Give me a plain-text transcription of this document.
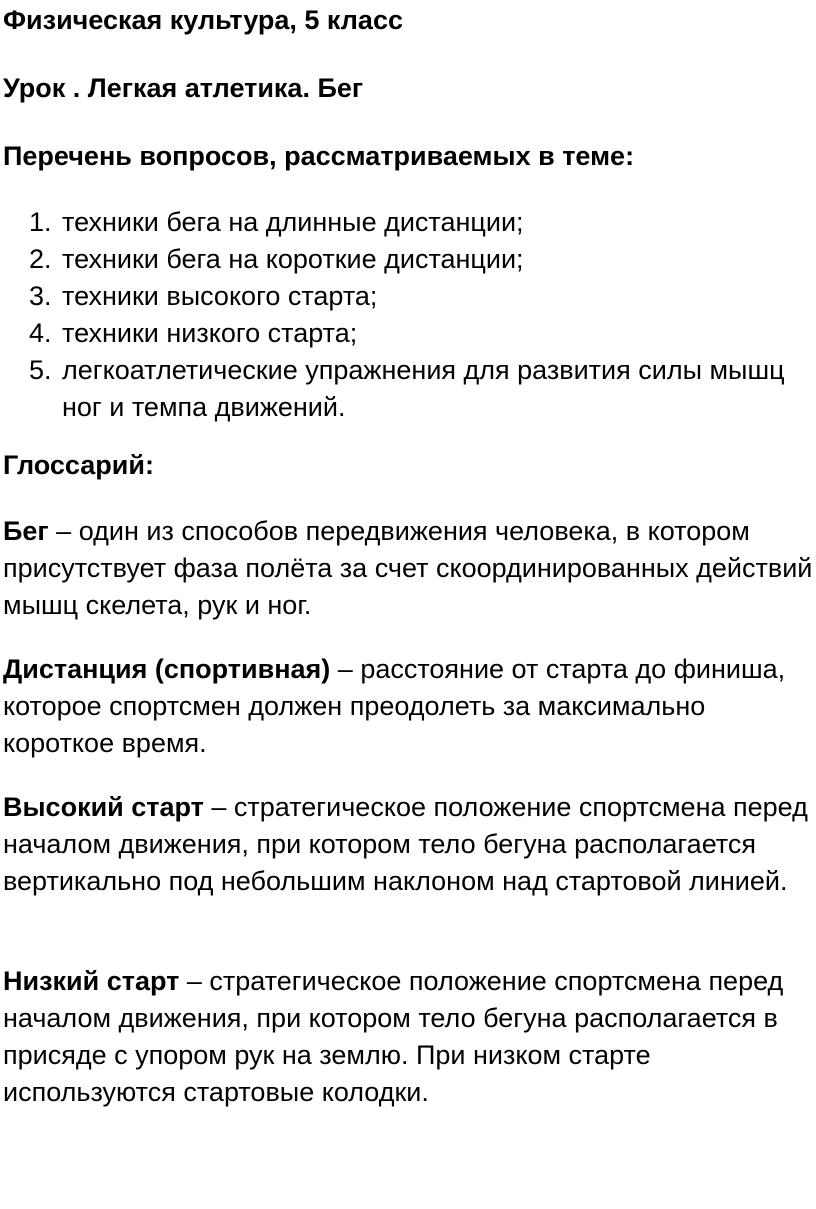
Физическая культура, 5 класс

Урок . Легкая атлетика. Бег

Перечень вопросов, рассматриваемых в теме:

1. техники бега на длинные дистанции;
2. техники бега на короткие дистанции;
3. техники высокого старта;
4. техники низкого старта;
5. легкоатлетические упражнения для развития силы мышц ног и темпа движений.

Глоссарий:

Бег – один из способов передвижения человека, в котором присутствует фаза полёта за счет скоординированных действий мышц скелета, рук и ног.

Дистанция (спортивная) – расстояние от старта до финиша, которое спортсмен должен преодолеть за максимально короткое время.

Высокий старт – стратегическое положение спортсмена перед началом движения, при котором тело бегуна располагается вертикально под небольшим наклоном над стартовой линией.

Низкий старт – стратегическое положение спортсмена перед началом движения, при котором тело бегуна располагается в присяде с упором рук на землю. При низком старте используются стартовые колодки.
